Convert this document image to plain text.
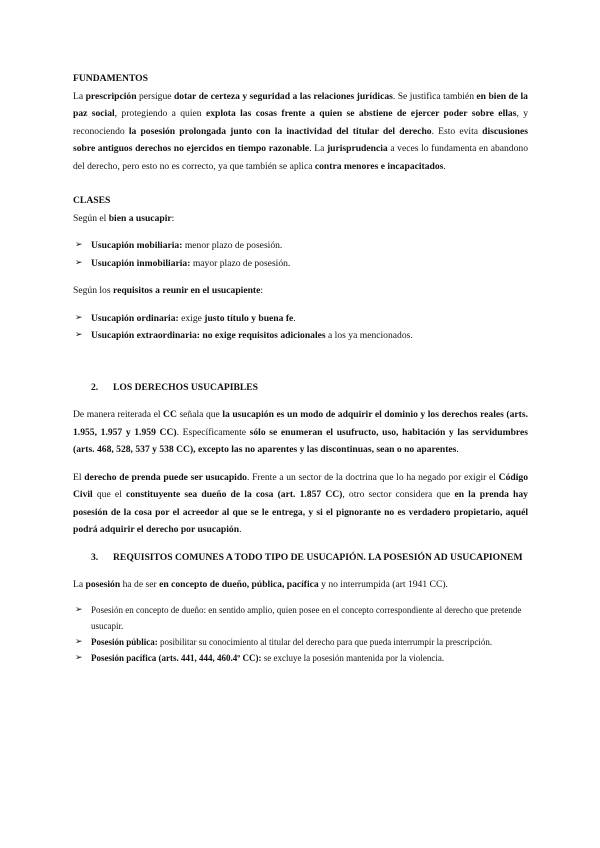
FUNDAMENTOS

La prescripción persigue dotar de certeza y seguridad a las relaciones jurídicas. Se justifica también en bien de la paz social, protegiendo a quien explota las cosas frente a quien se abstiene de ejercer poder sobre ellas, y reconociendo la posesión prolongada junto con la inactividad del titular del derecho. Esto evita discusiones sobre antiguos derechos no ejercidos en tiempo razonable. La jurisprudencia a veces lo fundamenta en abandono del derecho, pero esto no es correcto, ya que también se aplica contra menores e incapacitados.

CLASES

Según el bien a usucapir:

➢ Usucapión mobiliaria: menor plazo de posesión.
➢ Usucapión inmobiliaria: mayor plazo de posesión.

Según los requisitos a reunir en el usucapiente:

➢ Usucapión ordinaria: exige justo título y buena fe.
➢ Usucapión extraordinaria: no exige requisitos adicionales a los ya mencionados.
2.	LOS DERECHOS USUCAPIBLES

De manera reiterada el CC señala que la usucapión es un modo de adquirir el dominio y los derechos reales (arts. 1.955, 1.957 y 1.959 CC). Específicamente sólo se enumeran el usufructo, uso, habitación y las servidumbres (arts. 468, 528, 537 y 538 CC), excepto las no aparentes y las discontinuas, sean o no aparentes.

El derecho de prenda puede ser usucapido. Frente a un sector de la doctrina que lo ha negado por exigir el Código Civil que el constituyente sea dueño de la cosa (art. 1.857 CC), otro sector considera que en la prenda hay posesión de la cosa por el acreedor al que se le entrega, y si el pignorante no es verdadero propietario, aquél podrá adquirir el derecho por usucapión.

3.	REQUISITOS COMUNES A TODO TIPO DE USUCAPIÓN. LA POSESIÓN AD USUCAPIONEM

La posesión ha de ser en concepto de dueño, pública, pacífica y no interrumpida (art 1941 CC).

➢ Posesión en concepto de dueño: en sentido amplio, quien posee en el concepto correspondiente al derecho que pretende usucapir.
➢ Posesión pública: posibilitar su conocimiento al titular del derecho para que pueda interrumpir la prescripción.
➢ Posesión pacífica (arts. 441, 444, 460.4º CC): se excluye la posesión mantenida por la violencia.
